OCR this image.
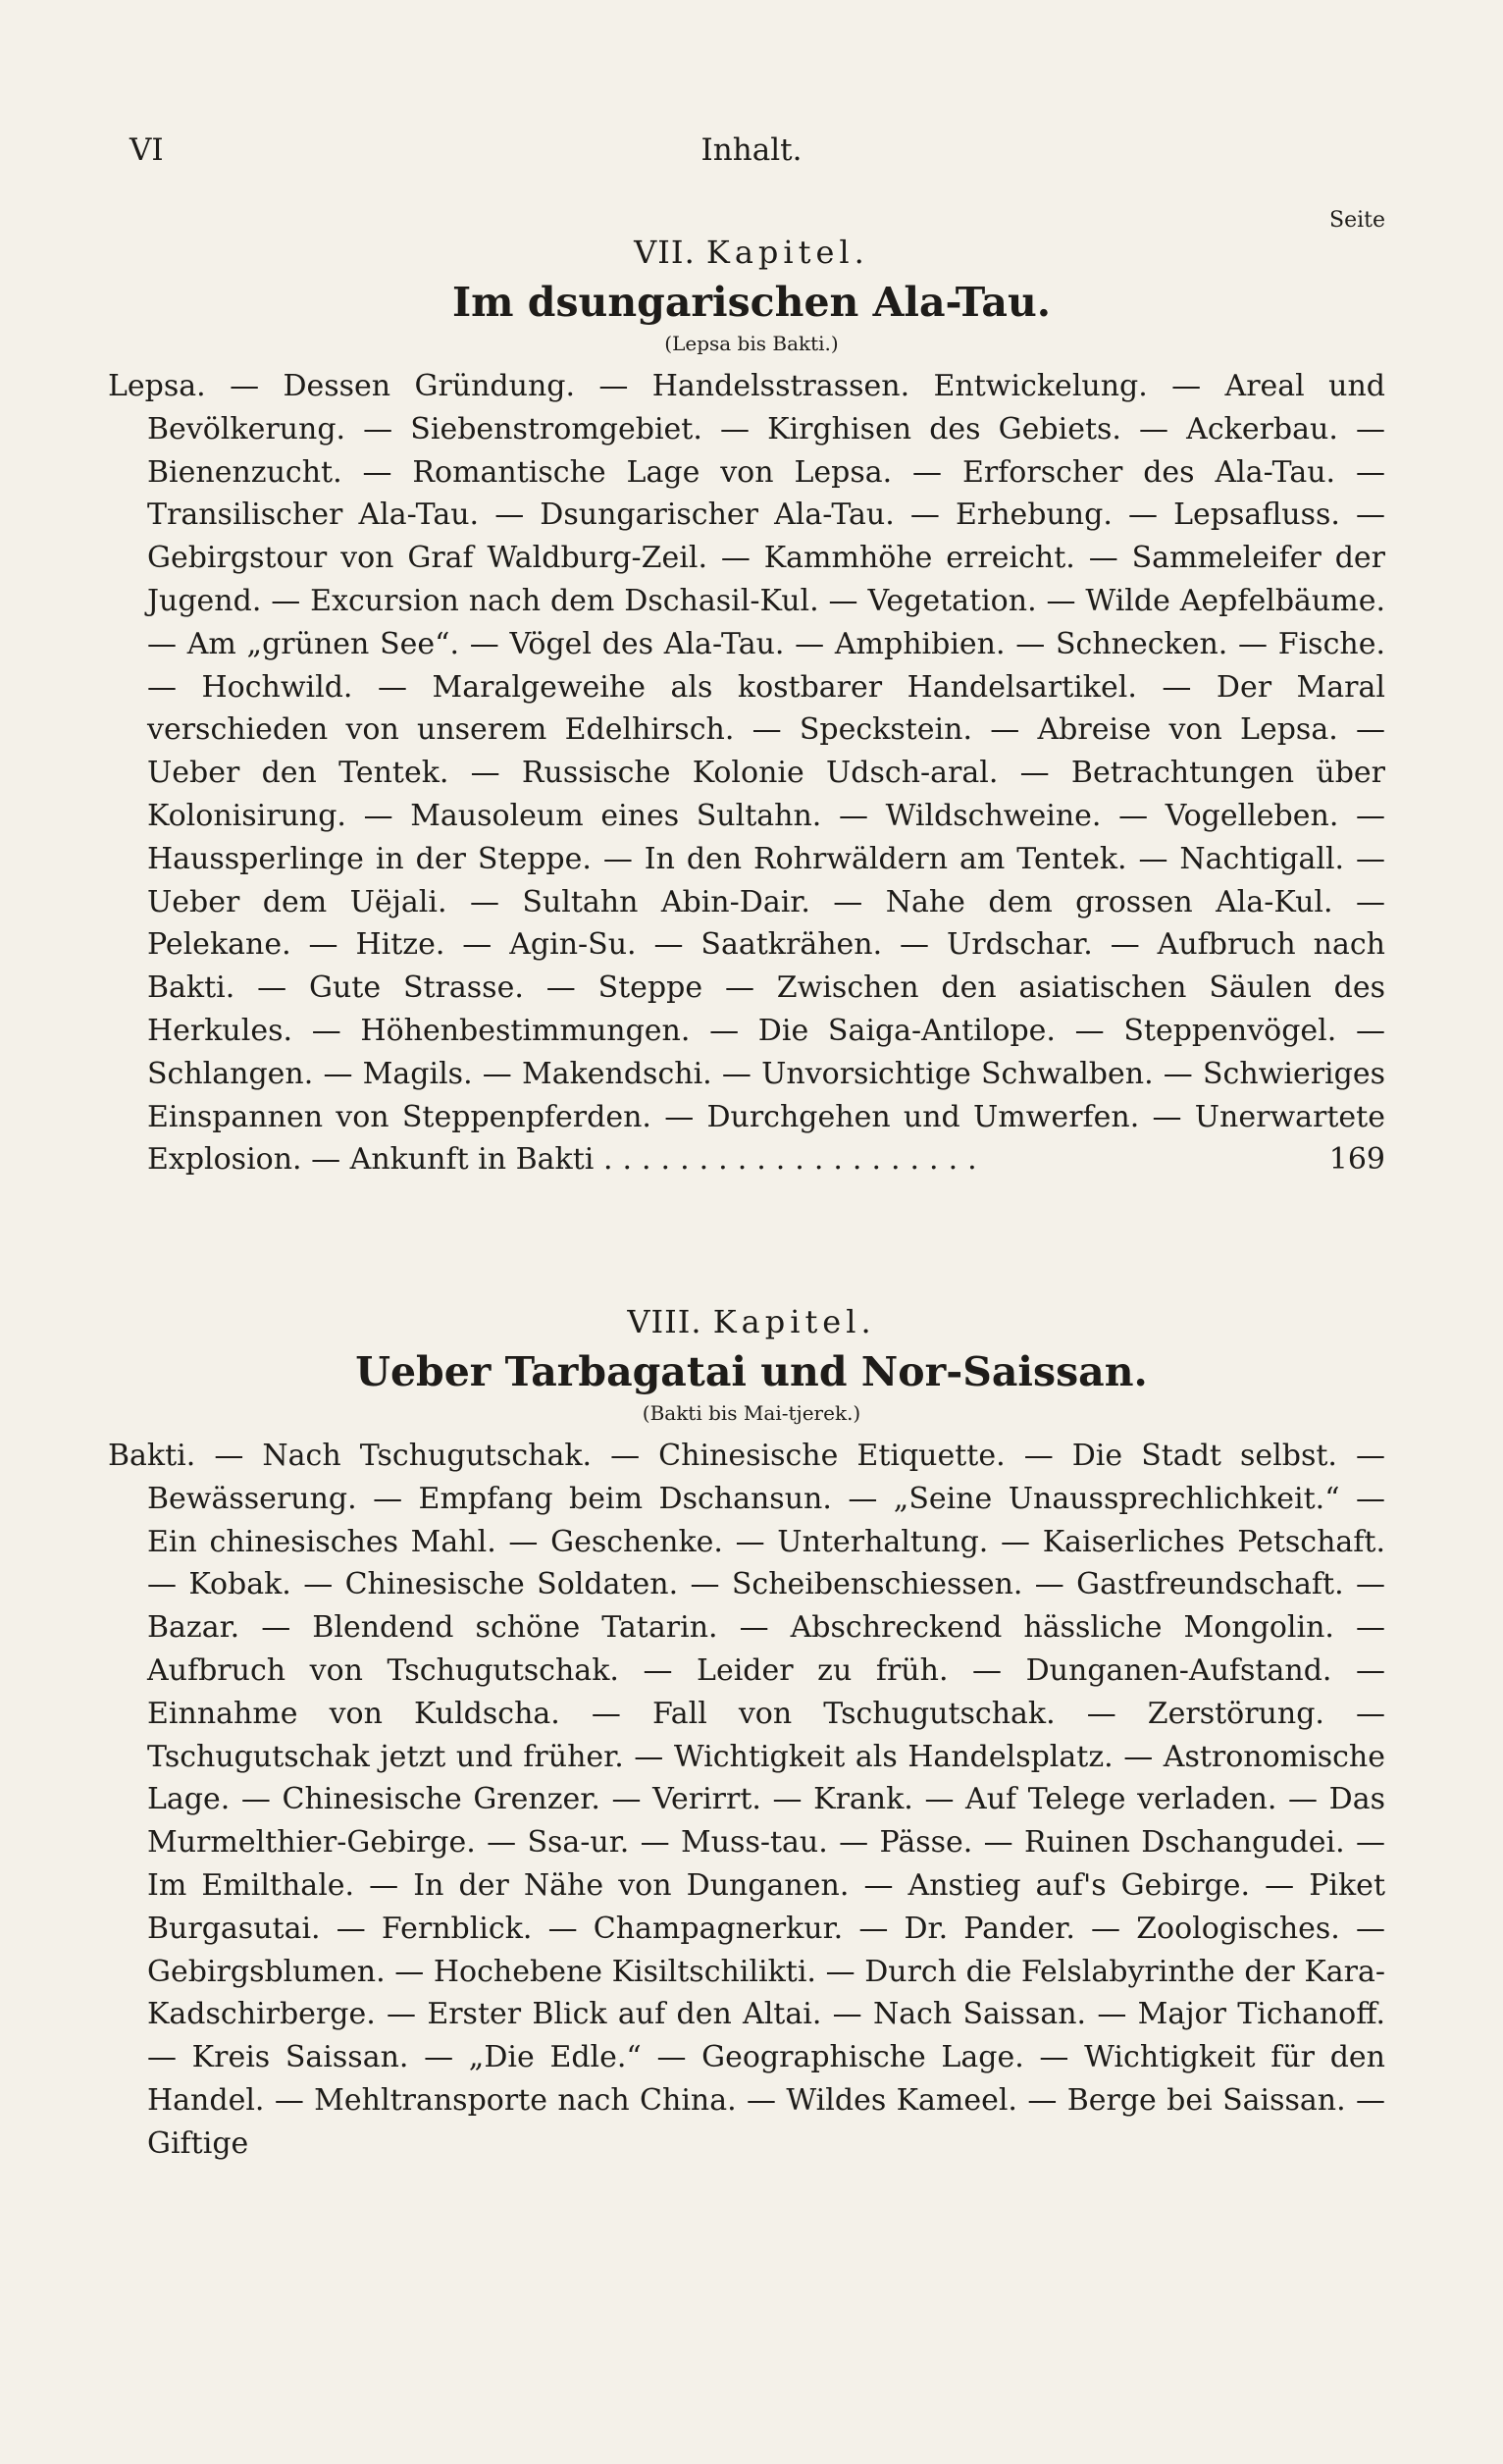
VI	Inhalt.
Seite

VII. Kapitel.

Im dsungarischen Ala-Tau.

(Lepsa bis Bakti.)

Lepsa. — Dessen Gründung. — Handelsstrassen. Entwickelung. — Areal und Bevölkerung. — Siebenstromgebiet. — Kirghisen des Gebiets. — Ackerbau. — Bienenzucht. — Romantische Lage von Lepsa. — Erforscher des Ala-Tau. — Transilischer Ala-Tau. — Dsungarischer Ala-Tau. — Erhebung. — Lepsafluss. — Gebirgstour von Graf Waldburg-Zeil. — Kammhöhe erreicht. — Sammeleifer der Jugend. — Excursion nach dem Dschasil-Kul. — Vegetation. — Wilde Aepfelbäume. — Am „grünen See“. — Vögel des Ala-Tau. — Amphibien. — Schnecken. — Fische. — Hochwild. — Maralgeweihe als kostbarer Handelsartikel. — Der Maral verschieden von unserem Edelhirsch. — Speckstein. — Abreise von Lepsa. — Ueber den Tentek. — Russische Kolonie Udsch-aral. — Betrachtungen über Kolonisirung. — Mausoleum eines Sultahn. — Wildschweine. — Vogelleben. — Haussperlinge in der Steppe. — In den Rohrwäldern am Tentek. — Nachtigall. — Ueber dem Uëjali. — Sultahn Abin-Dair. — Nahe dem grossen Ala-Kul. — Pelekane. — Hitze. — Agin-Su. — Saatkrähen. — Urdschar. — Aufbruch nach Bakti. — Gute Strasse. — Steppe — Zwischen den asiatischen Säulen des Herkules. — Höhenbestimmungen. — Die Saiga-Antilope. — Steppenvögel. — Schlangen. — Magils. — Makendschi. — Unvorsichtige Schwalben. — Schwieriges Einspannen von Steppenpferden. — Durchgehen und Umwerfen. — Unerwartete Explosion. — Ankunft in Bakti ....................	169

VIII. Kapitel.

Ueber Tarbagatai und Nor-Saissan.

(Bakti bis Mai-tjerek.)

Bakti. — Nach Tschugutschak. — Chinesische Etiquette. — Die Stadt selbst. — Bewässerung. — Empfang beim Dschansun. — „Seine Unaussprechlichkeit.“ — Ein chinesisches Mahl. — Geschenke. — Unterhaltung. — Kaiserliches Petschaft. — Kobak. — Chinesische Soldaten. — Scheibenschiessen. — Gastfreundschaft. — Bazar. — Blendend schöne Tatarin. — Abschreckend hässliche Mongolin. — Aufbruch von Tschugutschak. — Leider zu früh. — Dunganen-Aufstand. — Einnahme von Kuldscha. — Fall von Tschugutschak. — Zerstörung. — Tschugutschak jetzt und früher. — Wichtigkeit als Handelsplatz. — Astronomische Lage. — Chinesische Grenzer. — Verirrt. — Krank. — Auf Telege verladen. — Das Murmelthier-Gebirge. — Ssa-ur. — Muss-tau. — Pässe. — Ruinen Dschangudei. — Im Emilthale. — In der Nähe von Dunganen. — Anstieg auf's Gebirge. — Piket Burgasutai. — Fernblick. — Champagnerkur. — Dr. Pander. — Zoologisches. — Gebirgsblumen. — Hochebene Kisiltschilikti. — Durch die Felslabyrinthe der Kara-Kadschirberge. — Erster Blick auf den Altai. — Nach Saissan. — Major Tichanoff. — Kreis Saissan. — „Die Edle.“ — Geographische Lage. — Wichtigkeit für den Handel. — Mehltransporte nach China. — Wildes Kameel. — Berge bei Saissan. — Giftige
